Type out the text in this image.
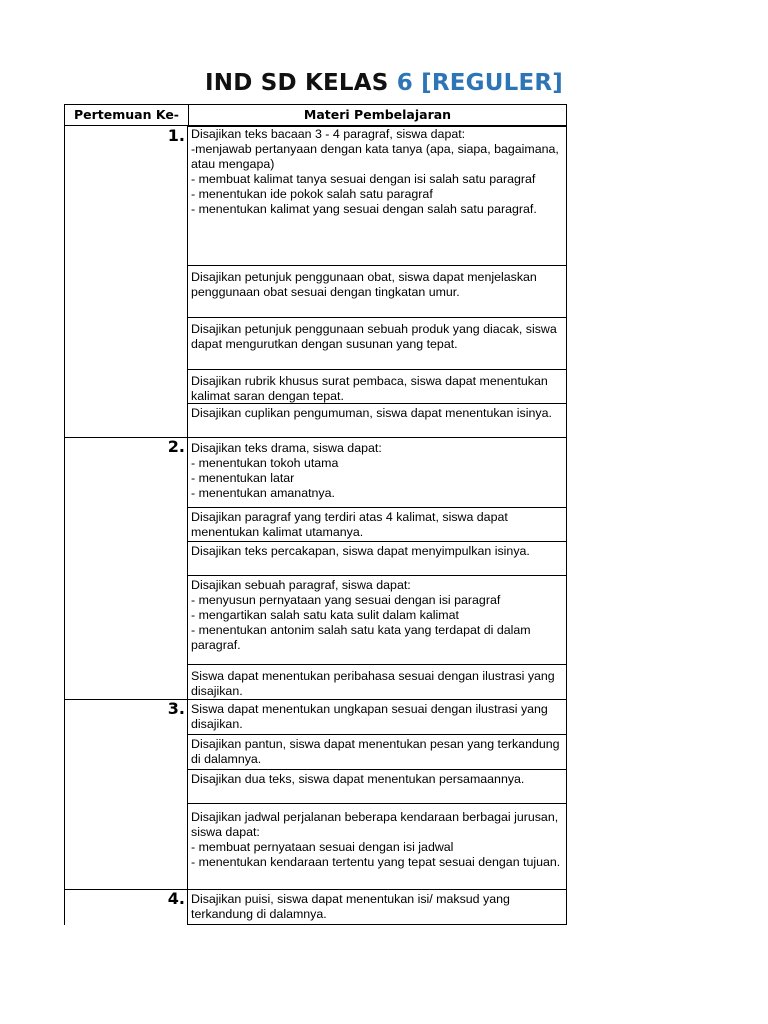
IND SD KELAS 6 [REGULER]
Pertemuan Ke-	Materi Pembelajaran
1. Disajikan teks bacaan 3 - 4 paragraf, siswa dapat:
-menjawab pertanyaan dengan kata tanya (apa, siapa, bagaimana, atau mengapa)
- membuat kalimat tanya sesuai dengan isi salah satu paragraf
- menentukan ide pokok salah satu paragraf
- menentukan kalimat yang sesuai dengan salah satu paragraf.
Disajikan petunjuk penggunaan obat, siswa dapat menjelaskan penggunaan obat sesuai dengan tingkatan umur.
Disajikan petunjuk penggunaan sebuah produk yang diacak, siswa dapat mengurutkan dengan susunan yang tepat.
Disajikan rubrik khusus surat pembaca, siswa dapat menentukan kalimat saran dengan tepat.
Disajikan cuplikan pengumuman, siswa dapat menentukan isinya.
2. Disajikan teks drama, siswa dapat:
- menentukan tokoh utama
- menentukan latar
- menentukan amanatnya.
Disajikan paragraf yang terdiri atas 4 kalimat, siswa dapat menentukan kalimat utamanya.
Disajikan teks percakapan, siswa dapat menyimpulkan isinya.
Disajikan sebuah paragraf, siswa dapat:
- menyusun pernyataan yang sesuai dengan isi paragraf
- mengartikan salah satu kata sulit dalam kalimat
- menentukan antonim salah satu kata yang terdapat di dalam paragraf.
Siswa dapat menentukan peribahasa sesuai dengan ilustrasi yang disajikan.
3. Siswa dapat menentukan ungkapan sesuai dengan ilustrasi yang disajikan.
Disajikan pantun, siswa dapat menentukan pesan yang terkandung di dalamnya.
Disajikan dua teks, siswa dapat menentukan persamaannya.
Disajikan jadwal perjalanan beberapa kendaraan berbagai jurusan, siswa dapat:
- membuat pernyataan sesuai dengan isi jadwal
- menentukan kendaraan tertentu yang tepat sesuai dengan tujuan.
4. Disajikan puisi, siswa dapat menentukan isi/ maksud yang terkandung di dalamnya.
